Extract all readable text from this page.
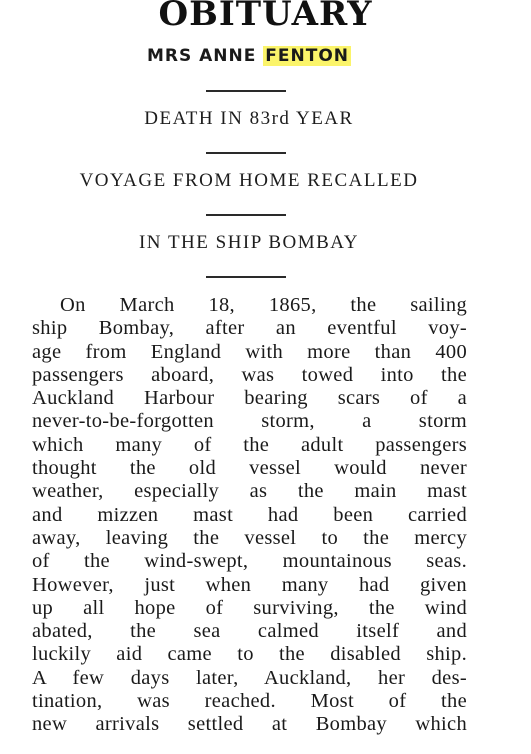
OBITUARY
MRS ANNE FENTON
DEATH IN 83rd YEAR
VOYAGE FROM HOME RECALLED
IN THE SHIP BOMBAY
On March 18, 1865, the sailing
ship Bombay, after an eventful voy-
age from England with more than 400
passengers aboard, was towed into the
Auckland Harbour bearing scars of a
never-to-be-forgotten storm, a storm
which many of the adult passengers
thought the old vessel would never
weather, especially as the main mast
and mizzen mast had been carried
away, leaving the vessel to the mercy
of the wind-swept, mountainous seas.
However, just when many had given
up all hope of surviving, the wind
abated, the sea calmed itself and
luckily aid came to the disabled ship.
A few days later, Auckland, her des-
tination, was reached. Most of the
new arrivals settled at Bombay which
